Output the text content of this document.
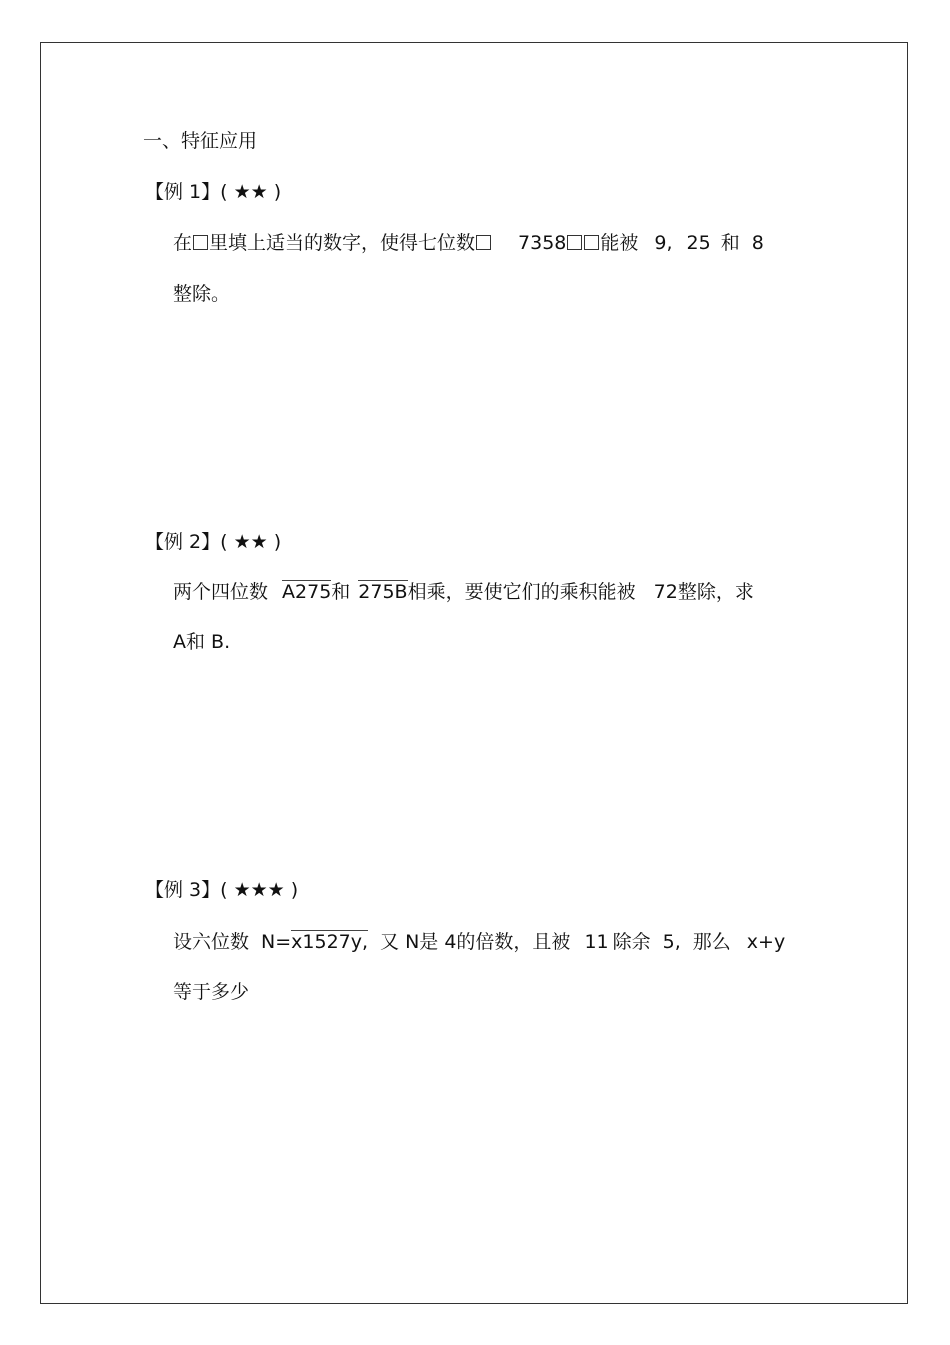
一、特征应用
【例 1】( ★★ )
在 里填上适当的数字，使得七位数 7358 能被 9, 25 和 8
整除。
【例 2】( ★★ )
两个四位数 A275和 275B相乘，要使它们的乘积能被 72整除，求
A和 B.
【例 3】( ★★★ )
设六位数 N=x1527y, 又 N是 4的倍数，且被 11 除余 5, 那么 x+y
等于多少
